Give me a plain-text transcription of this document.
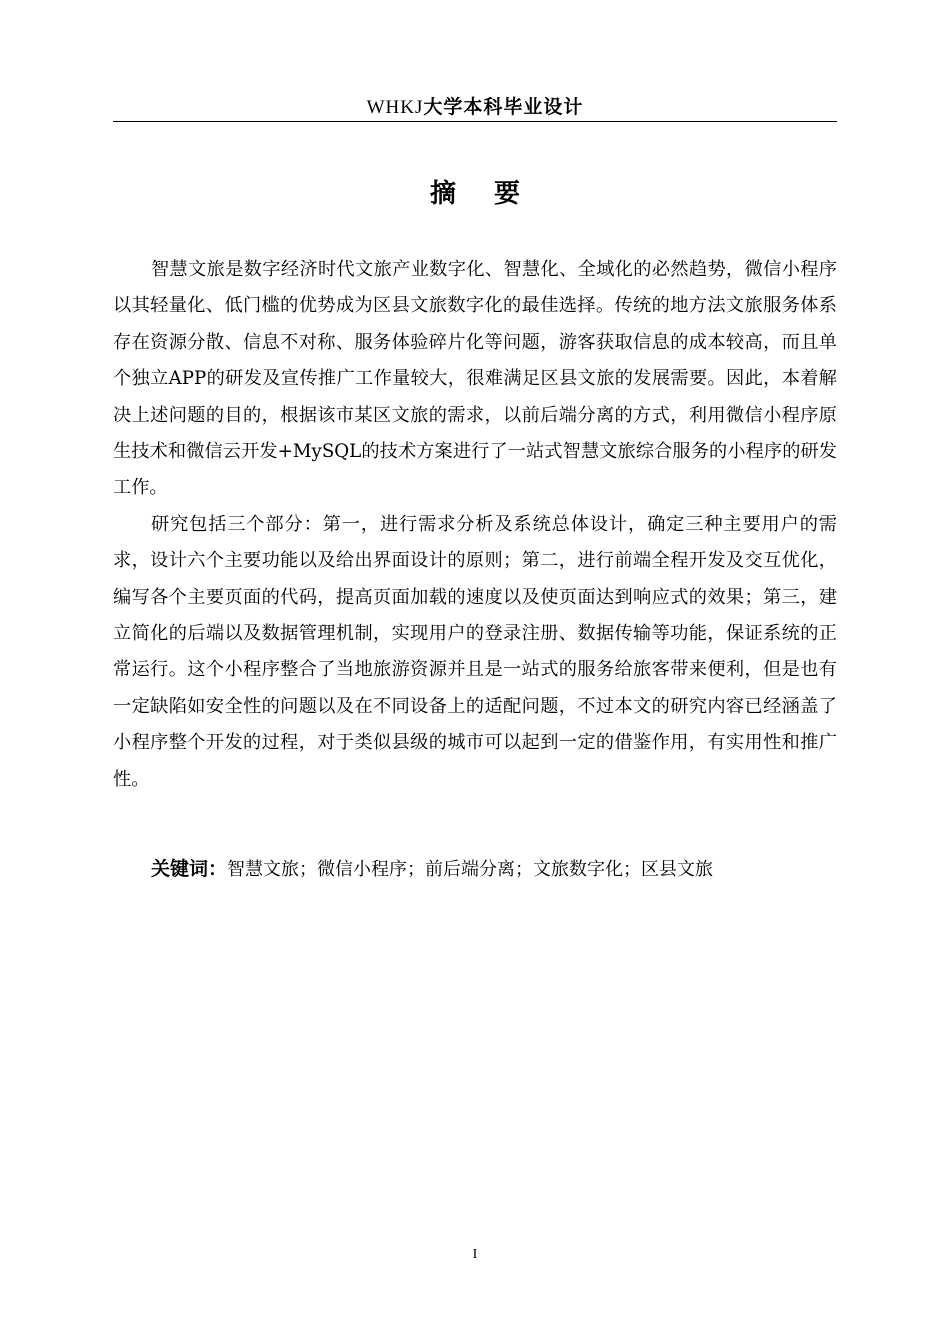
WHKJ大学本科毕业设计
摘要

智慧文旅是数字经济时代文旅产业数字化、智慧化、全域化的必然趋势，微信小程序以其轻量化、低门槛的优势成为区县文旅数字化的最佳选择。传统的地方法文旅服务体系存在资源分散、信息不对称、服务体验碎片化等问题，游客获取信息的成本较高，而且单个独立APP的研发及宣传推广工作量较大，很难满足区县文旅的发展需要。因此，本着解决上述问题的目的，根据该市某区文旅的需求，以前后端分离的方式，利用微信小程序原生技术和微信云开发+MySQL的技术方案进行了一站式智慧文旅综合服务的小程序的研发工作。

研究包括三个部分：第一，进行需求分析及系统总体设计，确定三种主要用户的需求，设计六个主要功能以及给出界面设计的原则；第二，进行前端全程开发及交互优化，编写各个主要页面的代码，提高页面加载的速度以及使页面达到响应式的效果；第三，建立简化的后端以及数据管理机制，实现用户的登录注册、数据传输等功能，保证系统的正常运行。这个小程序整合了当地旅游资源并且是一站式的服务给旅客带来便利，但是也有一定缺陷如安全性的问题以及在不同设备上的适配问题，不过本文的研究内容已经涵盖了小程序整个开发的过程，对于类似县级的城市可以起到一定的借鉴作用，有实用性和推广性。

关键词：智慧文旅；微信小程序；前后端分离；文旅数字化；区县文旅
I
